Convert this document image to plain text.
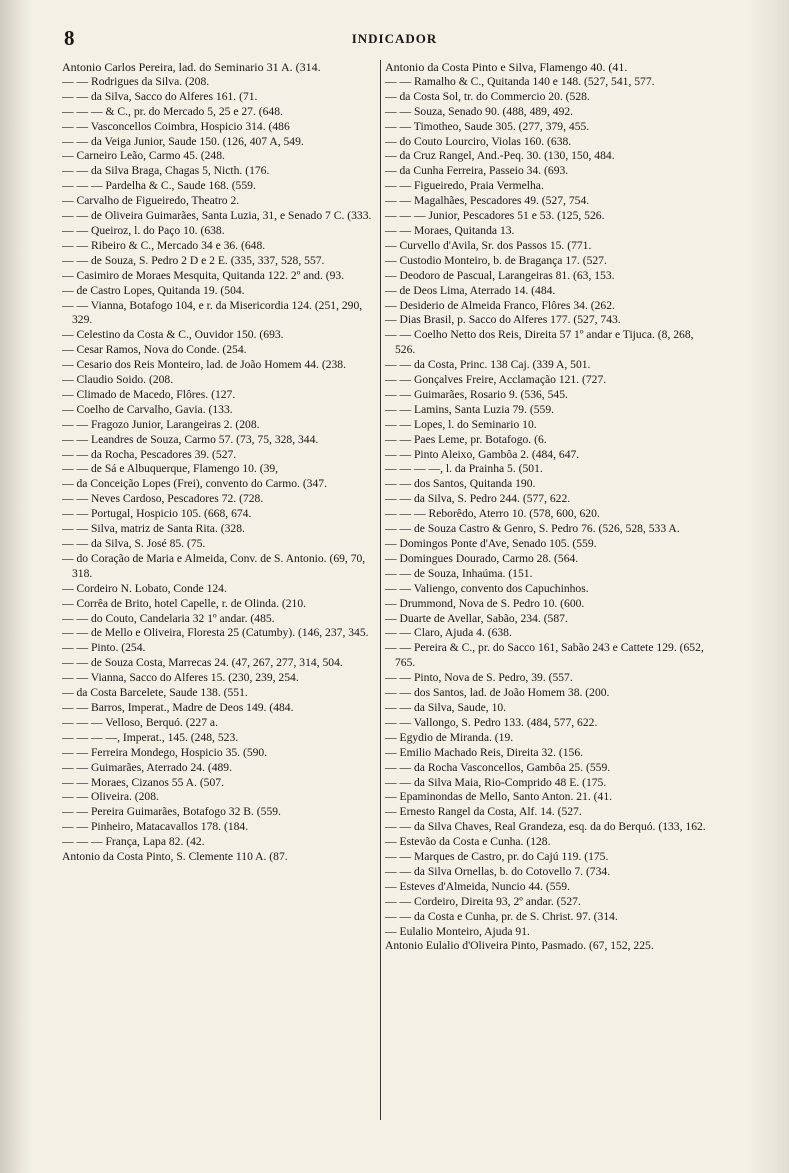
8	INDICADOR
Antonio Carlos Pereira, lad. do Seminario 31 A. (314.
— — Rodrigues da Silva. (208.
— — da Silva, Sacco do Alferes 161. (71.
— — — & C., pr. do Mercado 5, 25 e 27. (648.
— — Vasconcellos Coimbra, Hospicio 314. (486
— — da Veiga Junior, Saude 150. (126, 407 A, 549.
— Carneiro Leão, Carmo 45. (248.
— — da Silva Braga, Chagas 5, Nicth. (176.
— — — Pardelha & C., Saude 168. (559.
— Carvalho de Figueiredo, Theatro 2.
— — de Oliveira Guimarães, Santa Luzia, 31, e Senado 7 C. (333.
— — Queiroz, l. do Paço 10. (638.
— — Ribeiro & C., Mercado 34 e 36. (648.
— — de Souza, S. Pedro 2 D e 2 E. (335, 337, 528, 557.
— Casimiro de Moraes Mesquita, Quitanda 122. 2º and. (93.
— de Castro Lopes, Quitanda 19. (504.
— — Vianna, Botafogo 104, e r. da Misericordia 124. (251, 290, 329.
— Celestino da Costa & C., Ouvidor 150. (693.
— Cesar Ramos, Nova do Conde. (254.
— Cesario dos Reis Monteiro, lad. de João Homem 44. (238.
— Claudio Soido. (208.
— Climado de Macedo, Flôres. (127.
— Coelho de Carvalho, Gavia. (133.
— — Fragozo Junior, Larangeiras 2. (208.
— — Leandres de Souza, Carmo 57. (73, 75, 328, 344.
— — da Rocha, Pescadores 39. (527.
— — de Sá e Albuquerque, Flamengo 10. (39,
— da Conceição Lopes (Frei), convento do Carmo. (347.
— — Neves Cardoso, Pescadores 72. (728.
— — Portugal, Hospicio 105. (668, 674.
— — Silva, matriz de Santa Rita. (328.
— — da Silva, S. José 85. (75.
— do Coração de Maria e Almeida, Conv. de S. Antonio. (69, 70, 318.
— Cordeiro N. Lobato, Conde 124.
— Corrêa de Brito, hotel Capelle, r. de Olinda. (210.
— — do Couto, Candelaria 32 1º andar. (485.
— — de Mello e Oliveira, Floresta 25 (Catumby). (146, 237, 345.
— — Pinto. (254.
— — de Souza Costa, Marrecas 24. (47, 267, 277, 314, 504.
— — Vianna, Sacco do Alferes 15. (230, 239, 254.
— da Costa Barcelete, Saude 138. (551.
— — Barros, Imperat., Madre de Deos 149. (484.
— — — Velloso, Berquó. (227 a.
— — — —, Imperat., 145. (248, 523.
— — Ferreira Mondego, Hospicio 35. (590.
— — Guimarães, Aterrado 24. (489.
— — Moraes, Cizanos 55 A. (507.
— — Oliveira. (208.
— — Pereira Guimarães, Botafogo 32 B. (559.
— — Pinheiro, Matacavallos 178. (184.
— — — França, Lapa 82. (42.
Antonio da Costa Pinto, S. Clemente 110 A. (87.
Antonio da Costa Pinto e Silva, Flamengo 40. (41.
— — Ramalho & C., Quitanda 140 e 148. (527, 541, 577.
— da Costa Sol, tr. do Commercio 20. (528.
— — Souza, Senado 90. (488, 489, 492.
— — Timotheo, Saude 305. (277, 379, 455.
— do Couto Lourciro, Violas 160. (638.
— da Cruz Rangel, And.-Peq. 30. (130, 150, 484.
— da Cunha Ferreira, Passeio 34. (693.
— — Figueiredo, Praia Vermelha.
— — Magalhães, Pescadores 49. (527, 754.
— — — Junior, Pescadores 51 e 53. (125, 526.
— — Moraes, Quitanda 13.
— Curvello d'Avila, Sr. dos Passos 15. (771.
— Custodio Monteiro, b. de Bragança 17. (527.
— Deodoro de Pascual, Larangeiras 81. (63, 153.
— de Deos Lima, Aterrado 14. (484.
— Desiderio de Almeida Franco, Flôres 34. (262.
— Dias Brasil, p. Sacco do Alferes 177. (527, 743.
— — Coelho Netto dos Reis, Direita 57 1º andar e Tijuca. (8, 268, 526.
— — da Costa, Princ. 138 Caj. (339 A, 501.
— — Gonçalves Freire, Acclamação 121. (727.
— — Guimarães, Rosario 9. (536, 545.
— — Lamins, Santa Luzia 79. (559.
— — Lopes, l. do Seminario 10.
— — Paes Leme, pr. Botafogo. (6.
— — Pinto Aleixo, Gambôa 2. (484, 647.
— — — —, l. da Prainha 5. (501.
— — dos Santos, Quitanda 190.
— — da Silva, S. Pedro 244. (577, 622.
— — — Reborêdo, Aterro 10. (578, 600, 620.
— — de Souza Castro & Genro, S. Pedro 76. (526, 528, 533 A.
— Domingos Ponte d'Ave, Senado 105. (559.
— Domingues Dourado, Carmo 28. (564.
— — de Souza, Inhaúma. (151.
— — Valiengo, convento dos Capuchinhos.
— Drummond, Nova de S. Pedro 10. (600.
— Duarte de Avellar, Sabão, 234. (587.
— — Claro, Ajuda 4. (638.
— — Pereira & C., pr. do Sacco 161, Sabão 243 e Cattete 129. (652, 765.
— — Pinto, Nova de S. Pedro, 39. (557.
— — dos Santos, lad. de João Homem 38. (200.
— — da Silva, Saude, 10.
— — Vallongo, S. Pedro 133. (484, 577, 622.
— Egydio de Miranda. (19.
— Emilio Machado Reis, Direita 32. (156.
— — da Rocha Vasconcellos, Gambôa 25. (559.
— — da Silva Maia, Rio-Comprido 48 E. (175.
— Epaminondas de Mello, Santo Anton. 21. (41.
— Ernesto Rangel da Costa, Alf. 14. (527.
— — da Silva Chaves, Real Grandeza, esq. da do Berquó. (133, 162.
— Estevão da Costa e Cunha. (128.
— — Marques de Castro, pr. do Cajú 119. (175.
— — da Silva Ornellas, b. do Cotovello 7. (734.
— Esteves d'Almeida, Nuncio 44. (559.
— — Cordeiro, Direita 93, 2º andar. (527.
— — da Costa e Cunha, pr. de S. Christ. 97. (314.
— Eulalio Monteiro, Ajuda 91.
Antonio Eulalio d'Oliveira Pinto, Pasmado. (67, 152, 225.
